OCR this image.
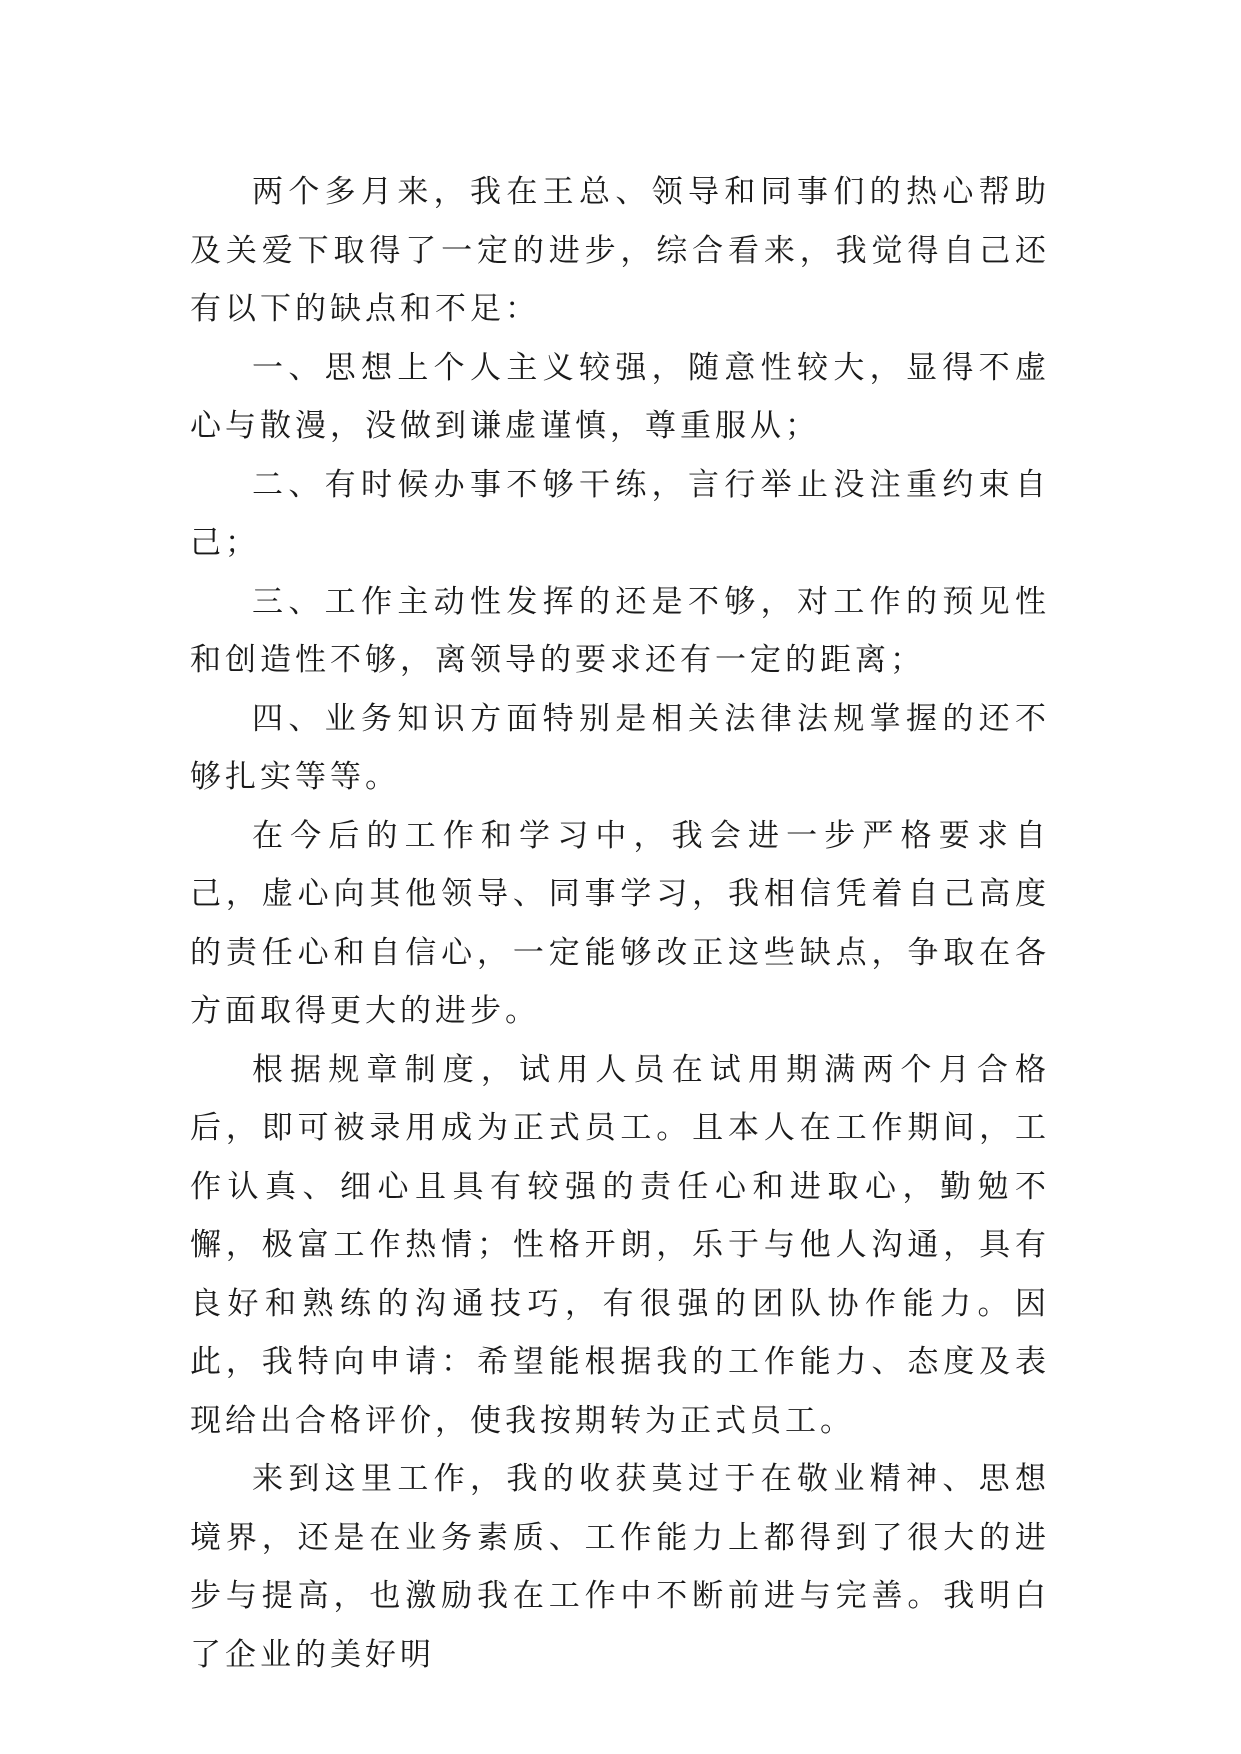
两个多月来，我在王总、领导和同事们的热心帮助及关爱下取得了一定的进步，综合看来，我觉得自己还有以下的缺点和不足：

一、思想上个人主义较强，随意性较大，显得不虚心与散漫，没做到谦虚谨慎，尊重服从；

二、有时候办事不够干练，言行举止没注重约束自己；

三、工作主动性发挥的还是不够，对工作的预见性和创造性不够，离领导的要求还有一定的距离；

四、业务知识方面特别是相关法律法规掌握的还不够扎实等等。

在今后的工作和学习中，我会进一步严格要求自己，虚心向其他领导、同事学习，我相信凭着自己高度的责任心和自信心，一定能够改正这些缺点，争取在各方面取得更大的进步。

根据规章制度，试用人员在试用期满两个月合格后，即可被录用成为正式员工。且本人在工作期间，工作认真、细心且具有较强的责任心和进取心，勤勉不懈，极富工作热情；性格开朗，乐于与他人沟通，具有良好和熟练的沟通技巧，有很强的团队协作能力。因此，我特向申请：希望能根据我的工作能力、态度及表现给出合格评价，使我按期转为正式员工。

来到这里工作，我的收获莫过于在敬业精神、思想境界，还是在业务素质、工作能力上都得到了很大的进步与提高，也激励我在工作中不断前进与完善。我明白了企业的美好明
